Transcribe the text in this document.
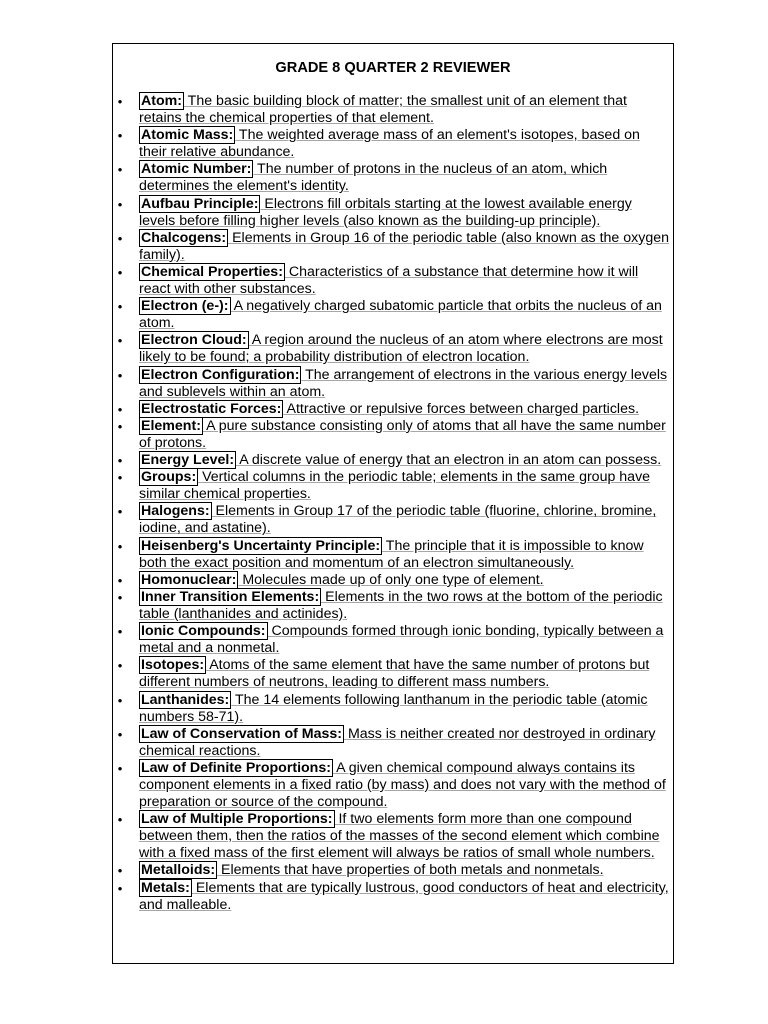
GRADE 8 QUARTER 2 REVIEWER
• Atom: The basic building block of matter; the smallest unit of an element that retains the chemical properties of that element.
• Atomic Mass: The weighted average mass of an element's isotopes, based on their relative abundance.
• Atomic Number: The number of protons in the nucleus of an atom, which determines the element's identity.
• Aufbau Principle: Electrons fill orbitals starting at the lowest available energy levels before filling higher levels (also known as the building-up principle).
• Chalcogens: Elements in Group 16 of the periodic table (also known as the oxygen family).
• Chemical Properties: Characteristics of a substance that determine how it will react with other substances.
• Electron (e-): A negatively charged subatomic particle that orbits the nucleus of an atom.
• Electron Cloud: A region around the nucleus of an atom where electrons are most likely to be found; a probability distribution of electron location.
• Electron Configuration: The arrangement of electrons in the various energy levels and sublevels within an atom.
• Electrostatic Forces: Attractive or repulsive forces between charged particles.
• Element: A pure substance consisting only of atoms that all have the same number of protons.
• Energy Level: A discrete value of energy that an electron in an atom can possess.
• Groups: Vertical columns in the periodic table; elements in the same group have similar chemical properties.
• Halogens: Elements in Group 17 of the periodic table (fluorine, chlorine, bromine, iodine, and astatine).
• Heisenberg's Uncertainty Principle: The principle that it is impossible to know both the exact position and momentum of an electron simultaneously.
• Homonuclear: Molecules made up of only one type of element.
• Inner Transition Elements: Elements in the two rows at the bottom of the periodic table (lanthanides and actinides).
• Ionic Compounds: Compounds formed through ionic bonding, typically between a metal and a nonmetal.
• Isotopes: Atoms of the same element that have the same number of protons but different numbers of neutrons, leading to different mass numbers.
• Lanthanides: The 14 elements following lanthanum in the periodic table (atomic numbers 58-71).
• Law of Conservation of Mass: Mass is neither created nor destroyed in ordinary chemical reactions.
• Law of Definite Proportions: A given chemical compound always contains its component elements in a fixed ratio (by mass) and does not vary with the method of preparation or source of the compound.
• Law of Multiple Proportions: If two elements form more than one compound between them, then the ratios of the masses of the second element which combine with a fixed mass of the first element will always be ratios of small whole numbers.
• Metalloids: Elements that have properties of both metals and nonmetals.
• Metals: Elements that are typically lustrous, good conductors of heat and electricity, and malleable.
